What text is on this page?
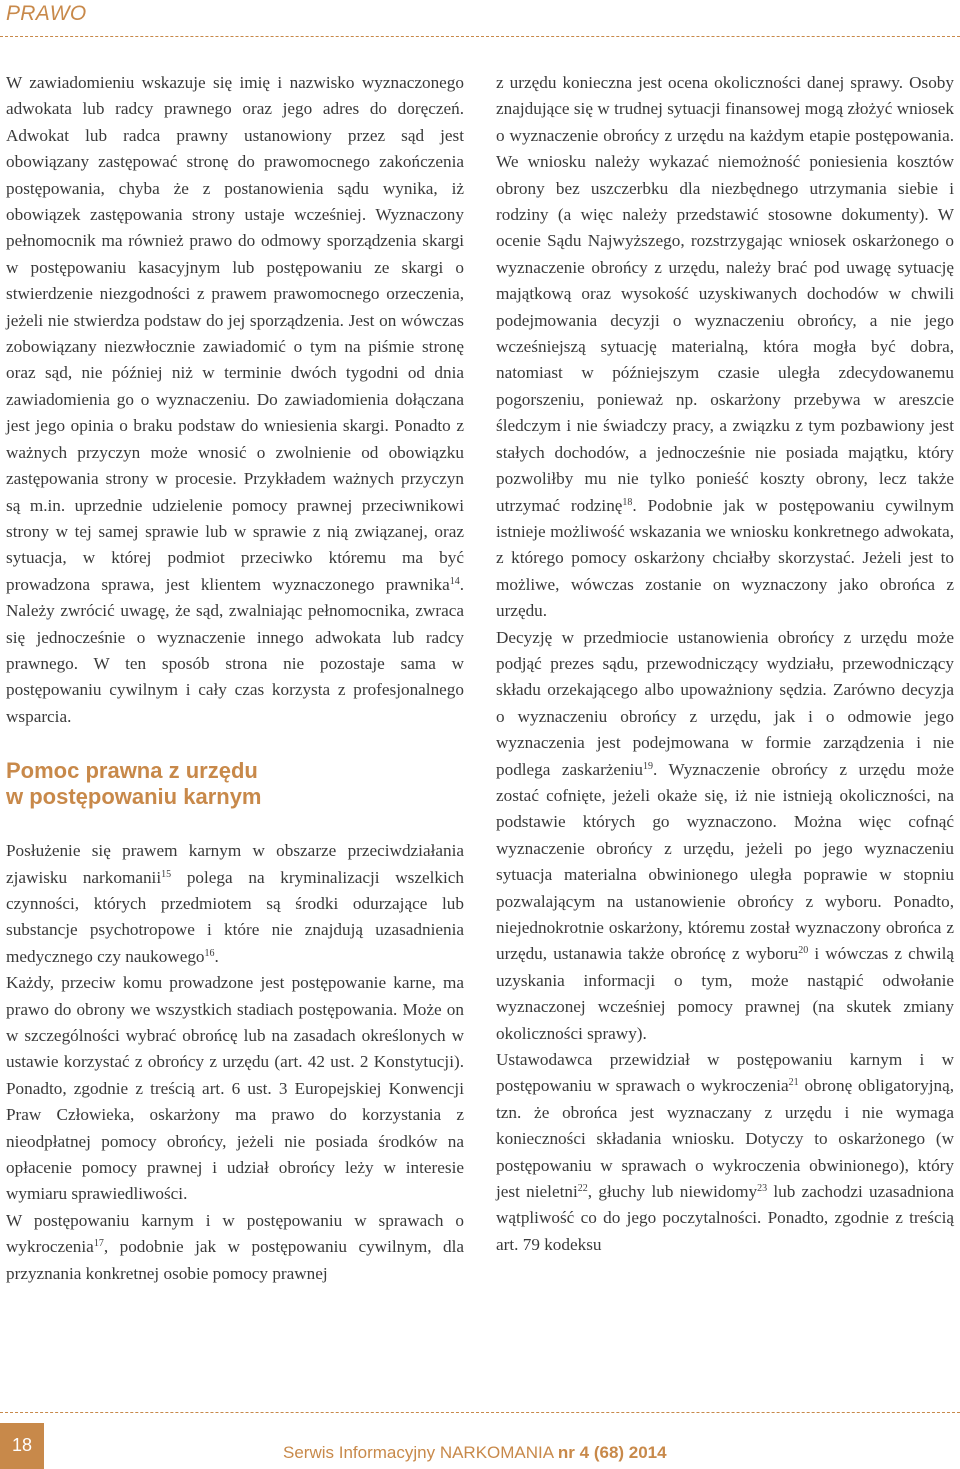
PRAWO

W zawiadomieniu wskazuje się imię i nazwisko wyznaczonego adwokata lub radcy prawnego oraz jego adres do doręczeń. Adwokat lub radca prawny ustanowiony przez sąd jest obowiązany zastępować stronę do prawomocnego zakończenia postępowania, chyba że z postanowienia sądu wynika, iż obowiązek zastępowania strony ustaje wcześniej. Wyznaczony pełnomocnik ma również prawo do odmowy sporządzenia skargi w postępowaniu kasacyjnym lub postępowaniu ze skargi o stwierdzenie niezgodności z prawem prawomocnego orzeczenia, jeżeli nie stwierdza podstaw do jej sporządzenia. Jest on wówczas zobowiązany niezwłocznie zawiadomić o tym na piśmie stronę oraz sąd, nie później niż w terminie dwóch tygodni od dnia zawiadomienia go o wyznaczeniu. Do zawiadomienia dołączana jest jego opinia o braku podstaw do wniesienia skargi. Ponadto z ważnych przyczyn może wnosić o zwolnienie od obowiązku zastępowania strony w procesie. Przykładem ważnych przyczyn są m.in. uprzednie udzielenie pomocy prawnej przeciwnikowi strony w tej samej sprawie lub w sprawie z nią związanej, oraz sytuacja, w której podmiot przeciwko któremu ma być prowadzona sprawa, jest klientem wyznaczonego prawnika$^{14}$. Należy zwrócić uwagę, że sąd, zwalniając pełnomocnika, zwraca się jednocześnie o wyznaczenie innego adwokata lub radcy prawnego. W ten sposób strona nie pozostaje sama w postępowaniu cywilnym i cały czas korzysta z profesjonalnego wsparcia.

Pomoc prawna z urzędu
w postępowaniu karnym

Posłużenie się prawem karnym w obszarze przeciwdziałania zjawisku narkomanii$^{15}$ polega na kryminalizacji wszelkich czynności, których przedmiotem są środki odurzające lub substancje psychotropowe i które nie znajdują uzasadnienia medycznego czy naukowego$^{16}$.

Każdy, przeciw komu prowadzone jest postępowanie karne, ma prawo do obrony we wszystkich stadiach postępowania. Może on w szczególności wybrać obrońcę lub na zasadach określonych w ustawie korzystać z obrońcy z urzędu (art. 42 ust. 2 Konstytucji). Ponadto, zgodnie z treścią art. 6 ust. 3 Europejskiej Konwencji Praw Człowieka, oskarżony ma prawo do korzystania z nieodpłatnej pomocy obrońcy, jeżeli nie posiada środków na opłacenie pomocy prawnej i udział obrońcy leży w interesie wymiaru sprawiedliwości.

W postępowaniu karnym i w postępowaniu w sprawach o wykroczenia$^{17}$, podobnie jak w postępowaniu cywilnym, dla przyznania konkretnej osobie pomocy prawnej

z urzędu konieczna jest ocena okoliczności danej sprawy. Osoby znajdujące się w trudnej sytuacji finansowej mogą złożyć wniosek o wyznaczenie obrońcy z urzędu na każdym etapie postępowania. We wniosku należy wykazać niemożność poniesienia kosztów obrony bez uszczerbku dla niezbędnego utrzymania siebie i rodziny (a więc należy przedstawić stosowne dokumenty). W ocenie Sądu Najwyższego, rozstrzygając wniosek oskarżonego o wyznaczenie obrońcy z urzędu, należy brać pod uwagę sytuację majątkową oraz wysokość uzyskiwanych dochodów w chwili podejmowania decyzji o wyznaczeniu obrońcy, a nie jego wcześniejszą sytuację materialną, która mogła być dobra, natomiast w późniejszym czasie uległa zdecydowanemu pogorszeniu, ponieważ np. oskarżony przebywa w areszcie śledczym i nie świadczy pracy, a związku z tym pozbawiony jest stałych dochodów, a jednocześnie nie posiada majątku, który pozwoliłby mu nie tylko ponieść koszty obrony, lecz także utrzymać rodzinę$^{18}$. Podobnie jak w postępowaniu cywilnym istnieje możliwość wskazania we wniosku konkretnego adwokata, z którego pomocy oskarżony chciałby skorzystać. Jeżeli jest to możliwe, wówczas zostanie on wyznaczony jako obrońca z urzędu.

Decyzję w przedmiocie ustanowienia obrońcy z urzędu może podjąć prezes sądu, przewodniczący wydziału, przewodniczący składu orzekającego albo upoważniony sędzia. Zarówno decyzja o wyznaczeniu obrońcy z urzędu, jak i o odmowie jego wyznaczenia jest podejmowana w formie zarządzenia i nie podlega zaskarżeniu$^{19}$. Wyznaczenie obrońcy z urzędu może zostać cofnięte, jeżeli okaże się, iż nie istnieją okoliczności, na podstawie których go wyznaczono. Można więc cofnąć wyznaczenie obrońcy z urzędu, jeżeli po jego wyznaczeniu sytuacja materialna obwinionego uległa poprawie w stopniu pozwalającym na ustanowienie obrońcy z wyboru. Ponadto, niejednokrotnie oskarżony, któremu został wyznaczony obrońca z urzędu, ustanawia także obrońcę z wyboru$^{20}$ i wówczas z chwilą uzyskania informacji o tym, może nastąpić odwołanie wyznaczonej wcześniej pomocy prawnej (na skutek zmiany okoliczności sprawy).

Ustawodawca przewidział w postępowaniu karnym i w postępowaniu w sprawach o wykroczenia$^{21}$ obronę obligatoryjną, tzn. że obrońca jest wyznaczany z urzędu i nie wymaga konieczności składania wniosku. Dotyczy to oskarżonego (w postępowaniu w sprawach o wykroczenia obwinionego), który jest nieletni$^{22}$, głuchy lub niewidomy$^{23}$ lub zachodzi uzasadniona wątpliwość co do jego poczytalności. Ponadto, zgodnie z treścią art. 79 kodeksu

18	Serwis Informacyjny NARKOMANIA nr 4 (68) 2014
